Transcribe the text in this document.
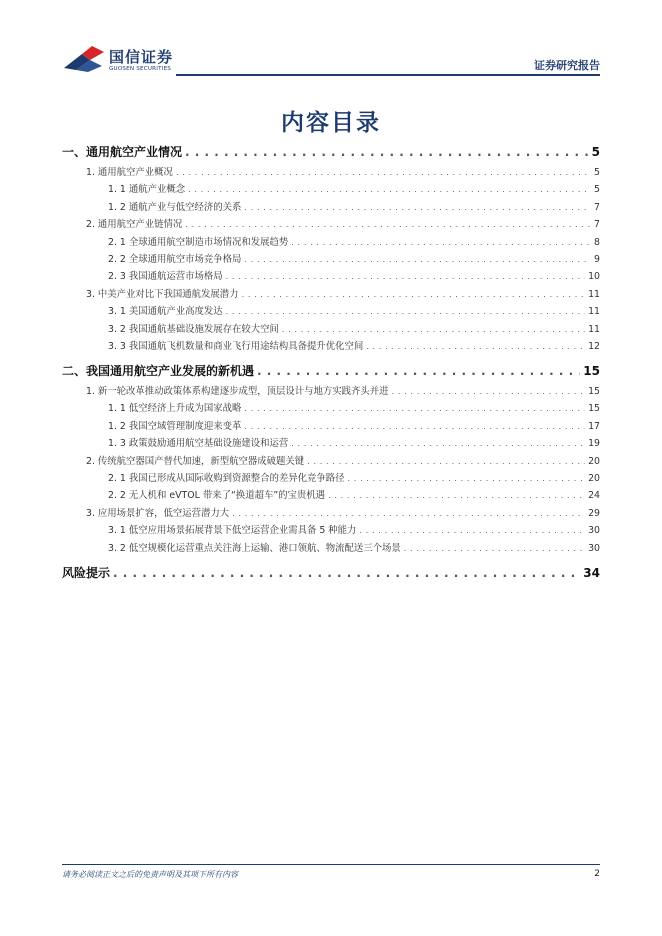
国信证券
GUOSEN SECURITIES	证券研究报告
内容目录
一、通用航空产业情况 . . .	5
1. 通用航空产业概况 . . .	5
1. 1 通航产业概念 . . .	5
1. 2 通航产业与低空经济的关系 . . .	7
2. 通用航空产业链情况 . . .	7
2. 1 全球通用航空制造市场情况和发展趋势 . . .	8
2. 2 全球通用航空市场竞争格局 . . .	9
2. 3 我国通航运营市场格局 . . .	10
3. 中美产业对比下我国通航发展潜力 . . .	11
3. 1 美国通航产业高度发达 . . .	11
3. 2 我国通航基础设施发展存在较大空间 . . .	11
3. 3 我国通航飞机数量和商业飞行用途结构具备提升优化空间 . . .	12
二、我国通用航空产业发展的新机遇 . . .	15
1. 新一轮改革推动政策体系构建逐步成型，顶层设计与地方实践齐头并进 . . .	15
1. 1 低空经济上升成为国家战略 . . .	15
1. 2 我国空域管理制度迎来变革 . . .	17
1. 3 政策鼓励通用航空基础设施建设和运营 . . .	19
2. 传统航空器国产替代加速，新型航空器成破题关键 . . .	20
2. 1 我国已形成从国际收购到资源整合的差异化竞争路径 . . .	20
2. 2 无人机和 eVTOL 带来了“换道超车”的宝贵机遇 . . .	24
3. 应用场景扩容，低空运营潜力大 . . .	29
3. 1 低空应用场景拓展背景下低空运营企业需具备 5 种能力 . . .	30
3. 2 低空规模化运营重点关注海上运输、港口领航、物流配送三个场景 . . .	30
风险提示 . . .	34
请务必阅读正文之后的免责声明及其项下所有内容	2
